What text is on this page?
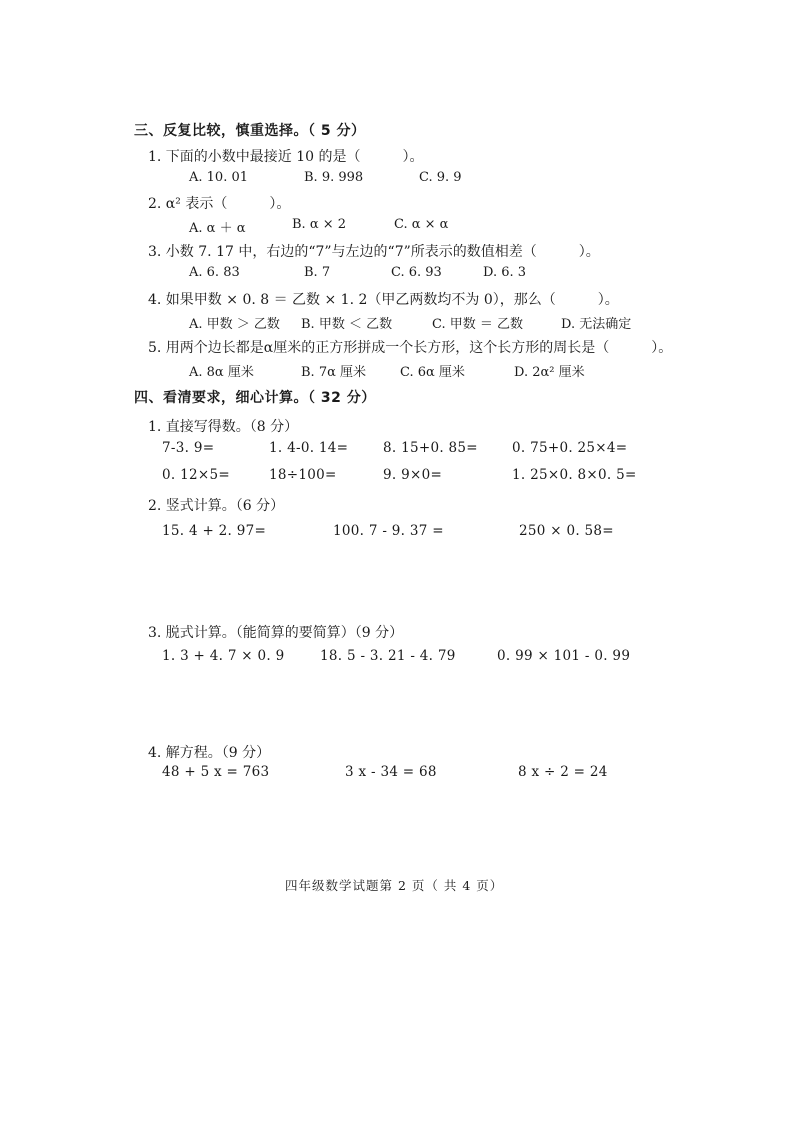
三、反复比较，慎重选择。（ 5 分）
1. 下面的小数中最接近 10 的是（　　　）。
A. 10. 01	B. 9. 998	C. 9. 9
2. α² 表示（　　　）。
A. α ＋ α	B. α × 2	C. α × α
3. 小数 7. 17 中，右边的“7”与左边的“7”所表示的数值相差（　　　）。
A. 6. 83	B. 7	C. 6. 93	D. 6. 3
4. 如果甲数 × 0. 8 ＝ 乙数 × 1. 2（甲乙两数均不为 0），那么（　　　）。
A. 甲数 ＞ 乙数 B. 甲数 ＜ 乙数	C. 甲数 ＝ 乙数	D. 无法确定
5. 用两个边长都是α厘米的正方形拼成一个长方形，这个长方形的周长是（　　　）。
A. 8α 厘米	B. 7α 厘米	C. 6α 厘米	D. 2α² 厘米
四、看清要求，细心计算。（ 32 分）
1. 直接写得数。（8 分）
7-3. 9=	1. 4-0. 14=	8. 15+0. 85=	0. 75+0. 25×4=
0. 12×5=	18÷100=	9. 9×0=	1. 25×0. 8×0. 5=
2. 竖式计算。（6 分）
15. 4 + 2. 97=	100. 7 - 9. 37 =	250 × 0. 58=
3. 脱式计算。（能简算的要简算）（9 分）
1. 3 + 4. 7 × 0. 9	18. 5 - 3. 21 - 4. 79	0. 99 × 101 - 0. 99
4. 解方程。（9 分）
48 + 5 x = 763	3 x - 34 = 68	8 x ÷ 2 = 24
四年级数学试题第 2 页（ 共 4 页）
